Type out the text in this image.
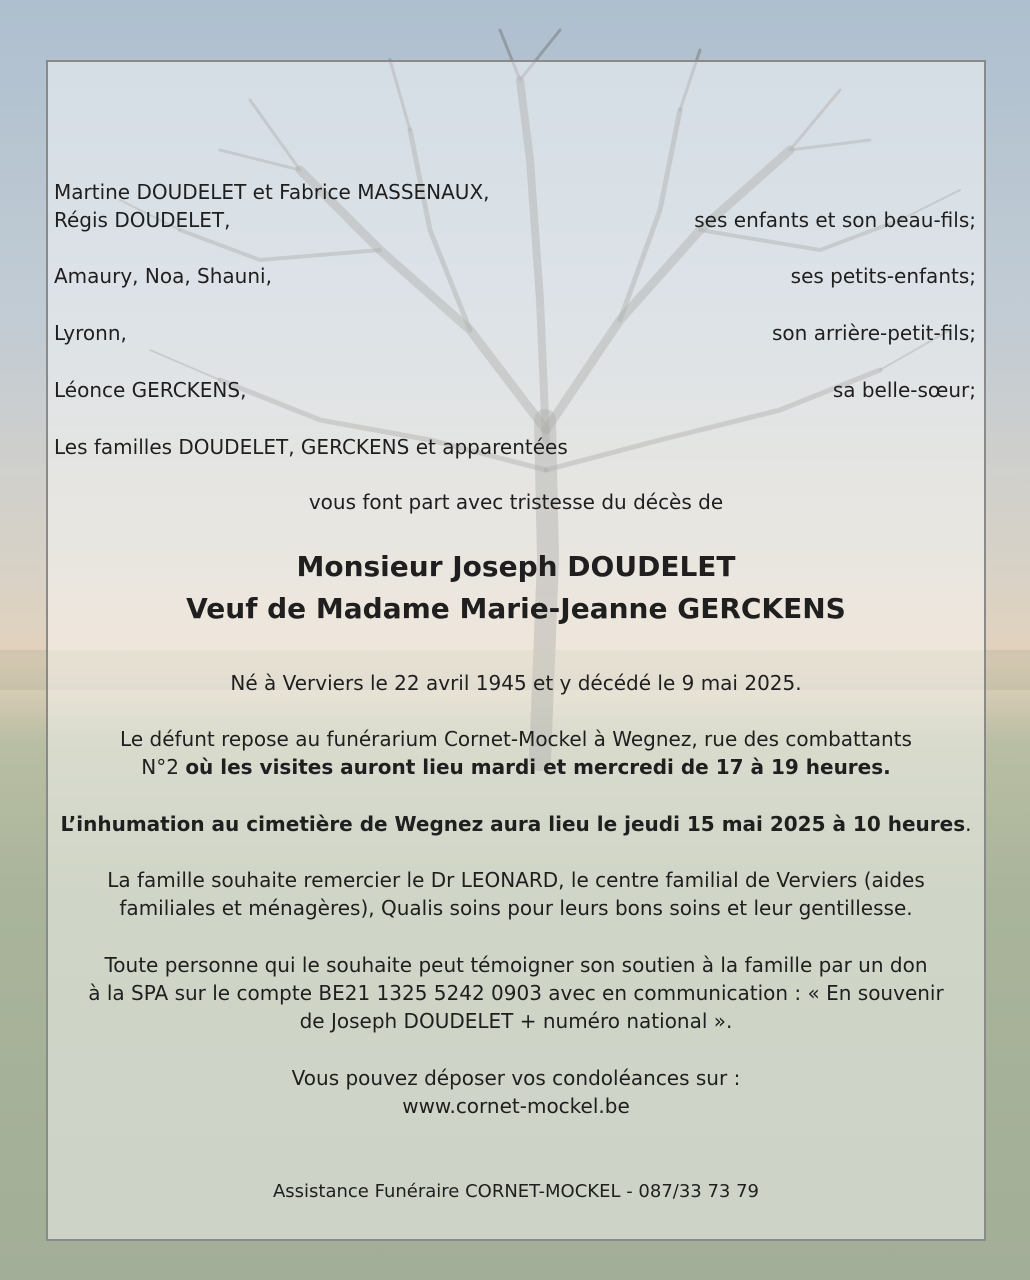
Martine DOUDELET et Fabrice MASSENAUX,
Régis DOUDELET,	ses enfants et son beau-fils;
Amaury, Noa, Shauni,	ses petits-enfants;
Lyronn,	son arrière-petit-fils;
Léonce GERCKENS,	sa belle-sœur;
Les familles DOUDELET, GERCKENS et apparentées
vous font part avec tristesse du décès de
Monsieur Joseph DOUDELET
Veuf de Madame Marie-Jeanne GERCKENS
Né à Verviers le 22 avril 1945 et y décédé le 9 mai 2025.
Le défunt repose au funérarium Cornet-Mockel à Wegnez, rue des combattants
N°2 où les visites auront lieu mardi et mercredi de 17 à 19 heures.
L’inhumation au cimetière de Wegnez aura lieu le jeudi 15 mai 2025 à 10 heures.
La famille souhaite remercier le Dr LEONARD, le centre familial de Verviers (aides
familiales et ménagères), Qualis soins pour leurs bons soins et leur gentillesse.
Toute personne qui le souhaite peut témoigner son soutien à la famille par un don
à la SPA sur le compte BE21 1325 5242 0903 avec en communication : « En souvenir
de Joseph DOUDELET + numéro national ».
Vous pouvez déposer vos condoléances sur :
www.cornet-mockel.be
Assistance Funéraire CORNET-MOCKEL - 087/33 73 79
